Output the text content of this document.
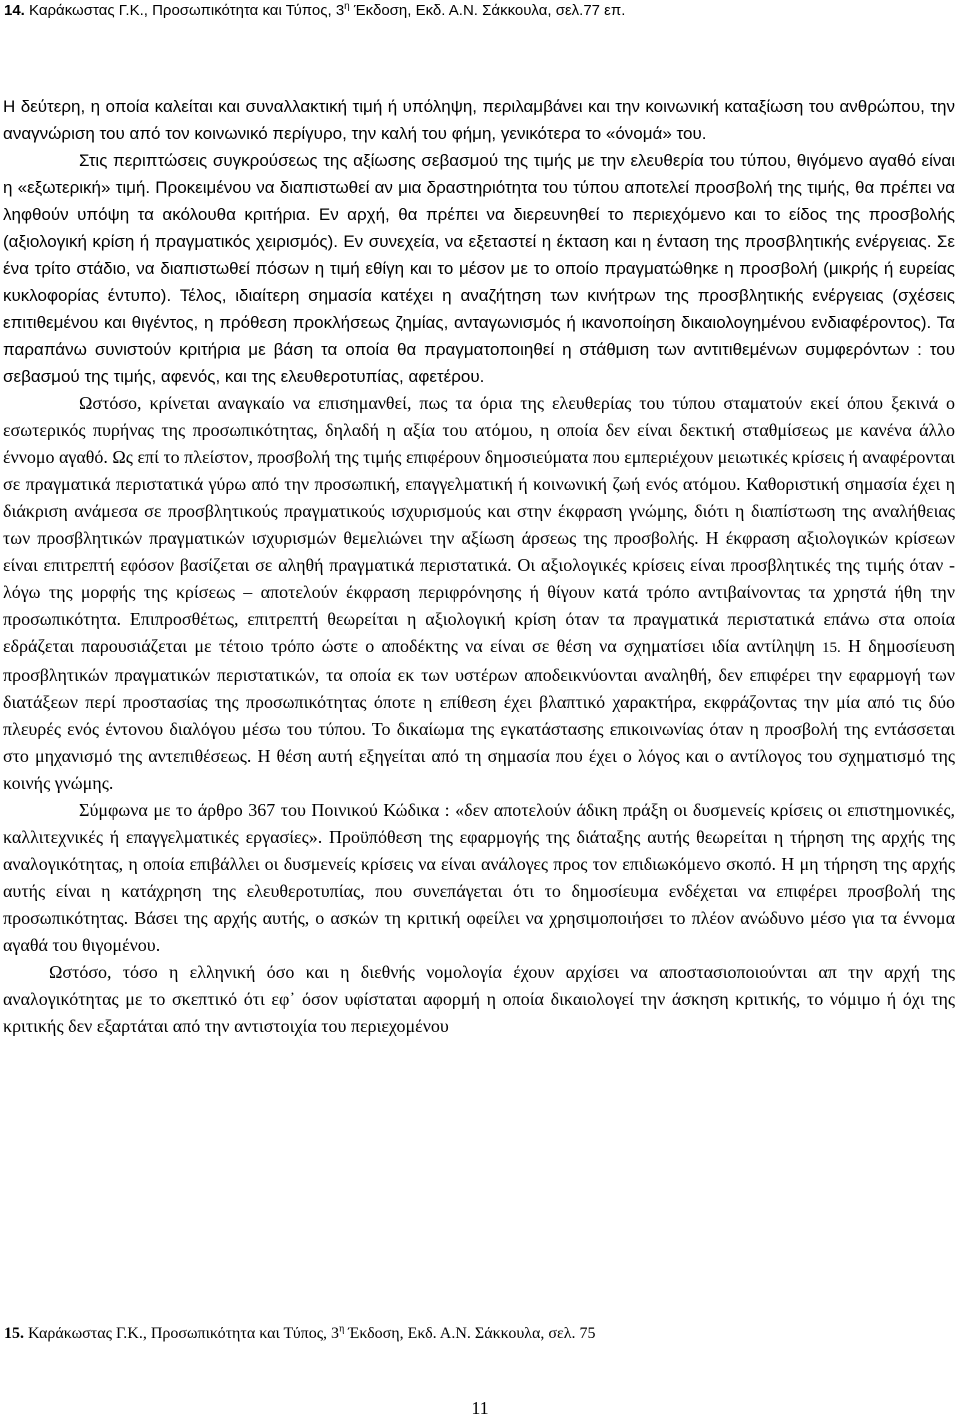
14. Καράκωστας Γ.Κ., Προσωπικότητα και Τύπος, $3^\eta$ Έκδοση, Εκδ. Α.Ν. Σάκκουλα, σελ.77 επ.

Η δεύτερη, η οποία καλείται και συναλλακτική τιμή ή υπόληψη, περιλαμβάνει και την κοινωνική καταξίωση του ανθρώπου, την αναγνώριση του από τον κοινωνικό περίγυρο, την καλή του φήμη, γενικότερα το «όνομά» του.

Στις περιπτώσεις συγκρούσεως της αξίωσης σεβασμού της τιμής με την ελευθερία του τύπου, θιγόμενο αγαθό είναι η «εξωτερική» τιμή. Προκειμένου να διαπιστωθεί αν μια δραστηριότητα του τύπου αποτελεί προσβολή της τιμής, θα πρέπει να ληφθούν υπόψη τα ακόλουθα κριτήρια. Εν αρχή, θα πρέπει να διερευνηθεί το περιεχόμενο και το είδος της προσβολής (αξιολογική κρίση ή πραγματικός χειρισμός). Εν συνεχεία, να εξεταστεί η έκταση και η ένταση της προσβλητικής ενέργειας. Σε ένα τρίτο στάδιο, να διαπιστωθεί πόσων η τιμή εθίγη και το μέσον με το οποίο πραγματώθηκε η προσβολή (μικρής ή ευρείας κυκλοφορίας έντυπο). Τέλος, ιδιαίτερη σημασία κατέχει η αναζήτηση των κινήτρων της προσβλητικής ενέργειας (σχέσεις επιτιθεμένου και θιγέντος, η πρόθεση προκλήσεως ζημίας, ανταγωνισμός ή ικανοποίηση δικαιολογημένου ενδιαφέροντος). Τα παραπάνω συνιστούν κριτήρια με βάση τα οποία θα πραγματοποιηθεί η στάθμιση των αντιτιθεμένων συμφερόντων : του σεβασμού της τιμής, αφενός, και της ελευθεροτυπίας, αφετέρου.

Ωστόσο, κρίνεται αναγκαίο να επισημανθεί, πως τα όρια της ελευθερίας του τύπου σταματούν εκεί όπου ξεκινά ο εσωτερικός πυρήνας της προσωπικότητας, δηλαδή η αξία του ατόμου, η οποία δεν είναι δεκτική σταθμίσεως με κανένα άλλο έννομο αγαθό. Ως επί το πλείστον, προσβολή της τιμής επιφέρουν δημοσιεύματα που εμπεριέχουν μειωτικές κρίσεις ή αναφέρονται σε πραγματικά περιστατικά γύρω από την προσωπική, επαγγελματική ή κοινωνική ζωή ενός ατόμου. Καθοριστική σημασία έχει η διάκριση ανάμεσα σε προσβλητικούς πραγματικούς ισχυρισμούς και στην έκφραση γνώμης, διότι η διαπίστωση της αναλήθειας των προσβλητικών πραγματικών ισχυρισμών θεμελιώνει την αξίωση άρσεως της προσβολής. Η έκφραση αξιολογικών κρίσεων είναι επιτρεπτή εφόσον βασίζεται σε αληθή πραγματικά περιστατικά. Οι αξιολογικές κρίσεις είναι προσβλητικές της τιμής όταν - λόγω της μορφής της κρίσεως – αποτελούν έκφραση περιφρόνησης ή θίγουν κατά τρόπο αντιβαίνοντας τα χρηστά ήθη την προσωπικότητα. Επιπροσθέτως, επιτρεπτή θεωρείται η αξιολογική κρίση όταν τα πραγματικά περιστατικά επάνω στα οποία εδράζεται παρουσιάζεται με τέτοιο τρόπο ώστε ο αποδέκτης να είναι σε θέση να σχηματίσει ιδία αντίληψη 15. Η δημοσίευση προσβλητικών πραγματικών περιστατικών, τα οποία εκ των υστέρων αποδεικνύονται αναληθή, δεν επιφέρει την εφαρμογή των διατάξεων περί προστασίας της προσωπικότητας όποτε η επίθεση έχει βλαπτικό χαρακτήρα, εκφράζοντας την μία από τις δύο πλευρές ενός έντονου διαλόγου μέσω του τύπου. Το δικαίωμα της εγκατάστασης επικοινωνίας όταν η προσβολή της εντάσσεται στο μηχανισμό της αντεπιθέσεως. Η θέση αυτή εξηγείται από τη σημασία που έχει ο λόγος και ο αντίλογος του σχηματισμό της κοινής γνώμης.

Σύμφωνα με το άρθρο 367 του Ποινικού Κώδικα : «δεν αποτελούν άδικη πράξη οι δυσμενείς κρίσεις οι επιστημονικές, καλλιτεχνικές ή επαγγελματικές εργασίες». Προϋπόθεση της εφαρμογής της διάταξης αυτής θεωρείται η τήρηση της αρχής της αναλογικότητας, η οποία επιβάλλει οι δυσμενείς κρίσεις να είναι ανάλογες προς τον επιδιωκόμενο σκοπό. Η μη τήρηση της αρχής αυτής είναι η κατάχρηση της ελευθεροτυπίας, που συνεπάγεται ότι το δημοσίευμα ενδέχεται να επιφέρει προσβολή της προσωπικότητας. Βάσει της αρχής αυτής, ο ασκών τη κριτική οφείλει να χρησιμοποιήσει το πλέον ανώδυνο μέσο για τα έννομα αγαθά του θιγομένου.

Ωστόσο, τόσο η ελληνική όσο και η διεθνής νομολογία έχουν αρχίσει να αποστασιοποιούνται απ την αρχή της αναλογικότητας με το σκεπτικό ότι εφ᾽ όσον υφίσταται αφορμή η οποία δικαιολογεί την άσκηση κριτικής, το νόμιμο ή όχι της κριτικής δεν εξαρτάται από την αντιστοιχία του περιεχομένου

15. Καράκωστας Γ.Κ., Προσωπικότητα και Τύπος, $3^\eta$ Έκδοση, Εκδ. Α.Ν. Σάκκουλα, σελ. 75
11
